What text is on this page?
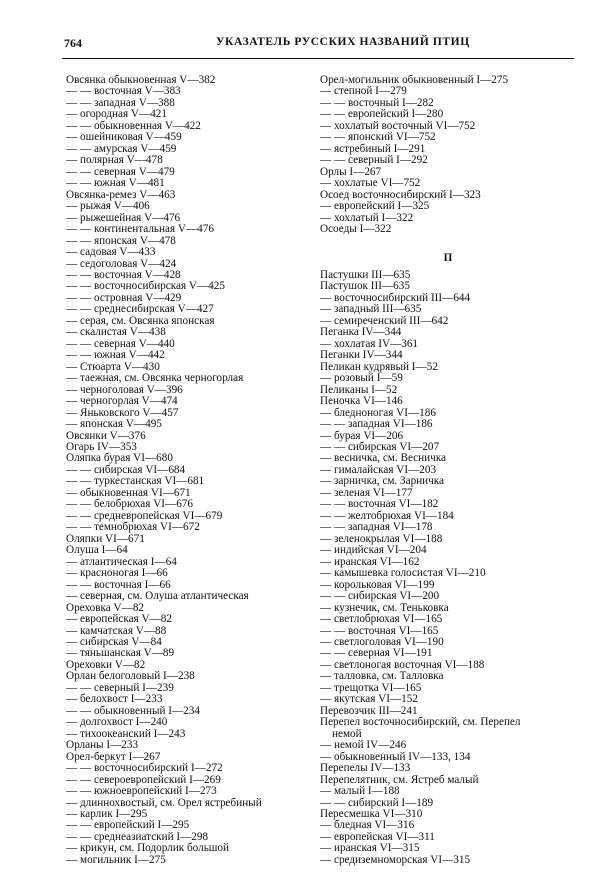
764	УКАЗАТЕЛЬ РУССКИХ НАЗВАНИЙ ПТИЦ
Овсянка обыкновенная V—382
— — восточная V—383
— — западная V—388
— огородная V—421
— — обыкновенная V—422
— ошейниковая V—459
— — амурская V—459
— полярная V—478
— — северная V—479
— — южная V—481
Овсянка-ремез V—463
— рыжая V—406
— рыжешейная V—476
— — континентальная V—476
— — японская V—478
— садовая V—433
— седоголовая V—424
— — восточная V—428
— — восточносибирская V—425
— — островная V—429
— — среднесибирская V—427
— серая, см. Овсянка японская
— скалистая V—438
— — северная V—440
— — южная V—442
— Стюарта V—430
— таежная, см. Овсянка черногорлая
— черноголовая V—396
— черногорлая V—474
— Яньковского V—457
— японская V—495
Овсянки V—376
Огарь IV—353
Оляпка бурая VI—680
— — сибирская VI—684
— — туркестанская VI—681
— обыкновенная VI—671
— — белобрюхая VI—676
— — средневропейская VI—679
— — темнобрюхая VI—672
Оляпки VI—671
Олуша I—64
— атлантическая I—64
— красноногая I—66
— — восточная I—66
— северная, см. Олуша атлантическая
Ореховка V—82
— европейская V—82
— камчатская V—88
— сибирская V—84
— тяньшанская V—89
Ореховки V—82
Орлан белоголовый I—238
— — северный I—239
— белохвост I—233
— — обыкновенный I—234
— долгохвост I—240
— тихоокеанский I—243
Орланы I—233
Орел-беркут I—267
— — восточносибирский I—272
— — североевропейский I—269
— — южноевропейский I—273
— длиннохвостый, см. Орел ястребиный
— карлик I—295
— — европейский I—295
— — среднеазиатский I—298
— крикун, см. Подорлик большой
— могильник I—275
Орел-могильник обыкновенный I—275
— степной I—279
— — восточный I—282
— — европейский I—280
— хохлатый восточный VI—752
— — японский VI—752
— ястребиный I—291
— — северный I—292
Орлы I—267
— хохлатые VI—752
Осоед восточносибирский I—323
— европейский I—325
— хохлатый I—322
Осоеды I—322
П
Пастушки III—635
Пастушок III—635
— восточносибирский III—644
— западный III—635
— семиреченский III—642
Пеганка IV—344
— хохлатая IV—361
Пеганки IV—344
Пеликан кудрявый I—52
— розовый I—59
Пеликаны I—52
Пеночка VI—146
— бледноногая VI—186
— — западная VI—186
— бурая VI—206
— — сибирская VI—207
— весничка, см. Весничка
— гималайская VI—203
— зарничка, см. Зарничка
— зеленая VI—177
— — восточная VI—182
— — желтобрюхая VI—184
— — западная VI—178
— зеленокрылая VI—188
— индийская VI—204
— иранская VI—162
— камышевка голосистая VI—210
— корольковая VI—199
— — сибирская VI—200
— кузнечик, см. Теньковка
— светлобрюхая VI—165
— — восточная VI—165
— светлоголовая VI—190
— — северная VI—191
— светлоногая восточная VI—188
— талловка, см. Талловка
— трещотка VI—165
— якутская VI—152
Перевозчик III—241
Перепел восточносибирский, см. Перепел
немой
— немой IV—246
— обыкновенный IV—133, 134
Перепелы IV—133
Перепелятник, см. Ястреб малый
— малый I—188
— — сибирский I—189
Пересмешка VI—310
— бледная VI—316
— европейская VI—311
— иранская VI—315
— средиземноморская VI—315
